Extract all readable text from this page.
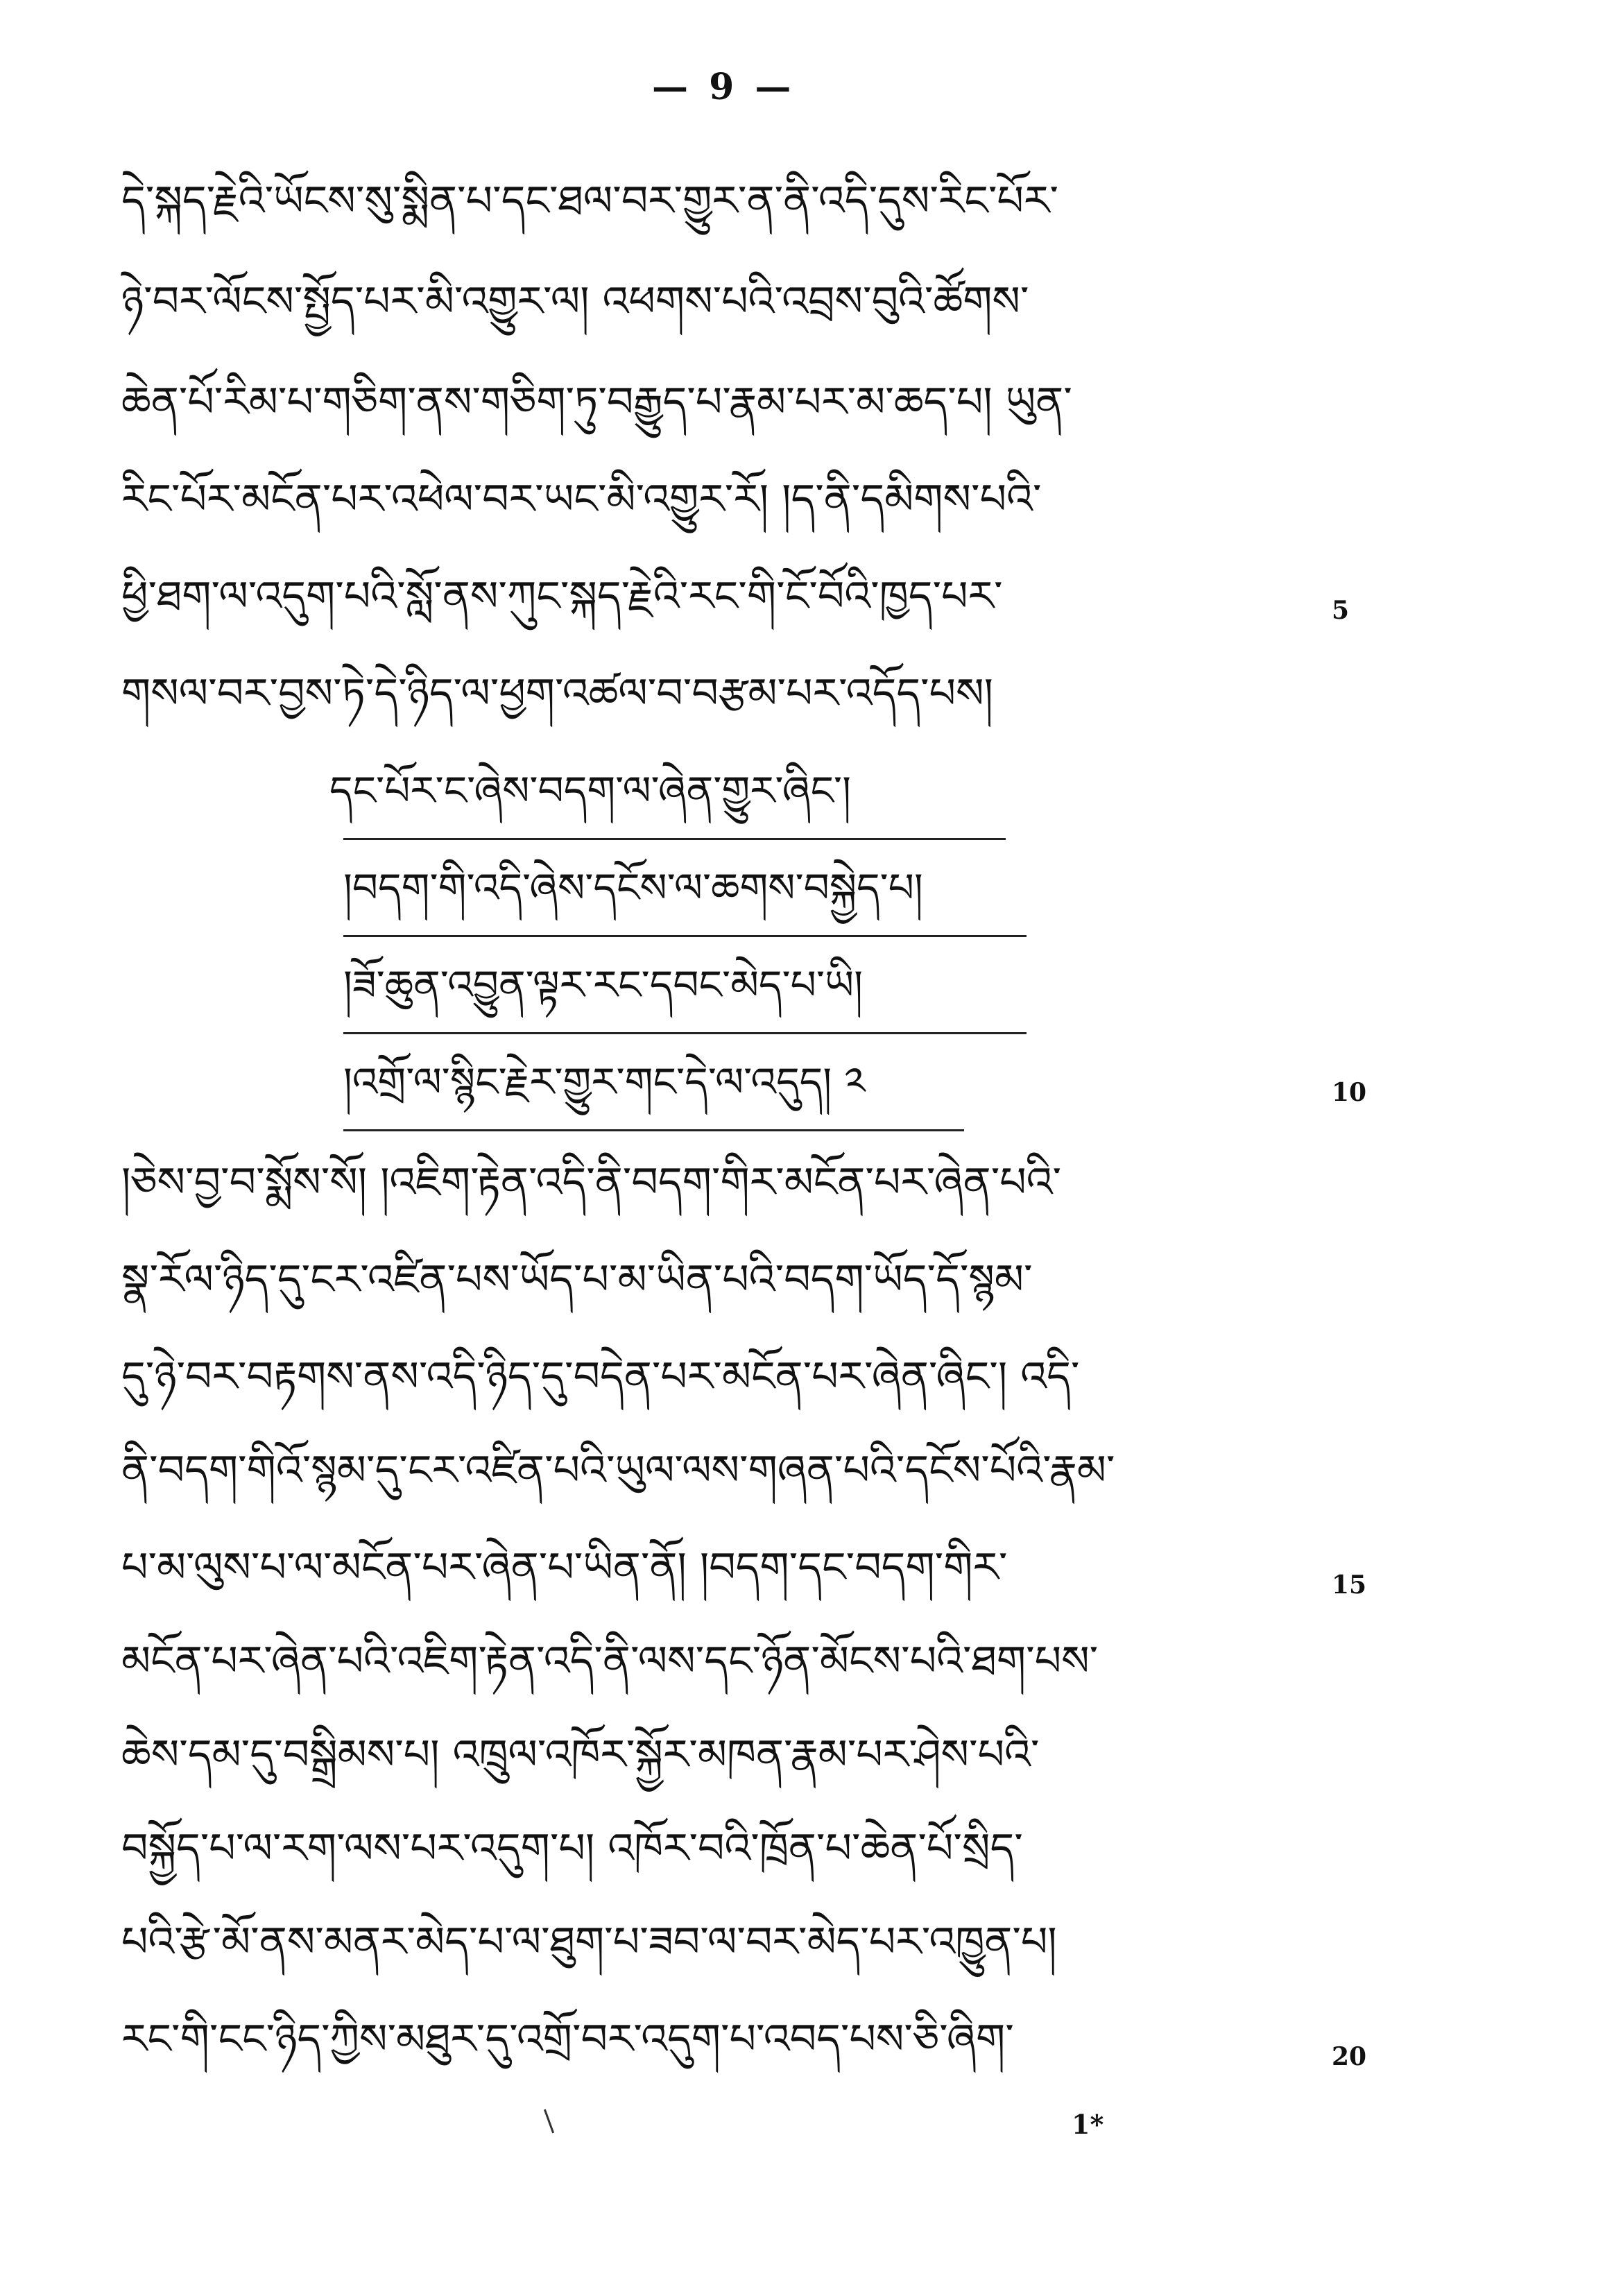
— 9 —
དེ་སྐད་རྗེའི་ཡོངས་སུ་སྨིན་པ་དང་ཐལ་བར་གྱུར་ན་ནི་འདི་དུས་རིང་པོར་
ཉེ་བར་ལོངས་སྤྱོད་པར་མི་འགྱུར་ལ། འཕགས་པའི་འབྲས་བུའི་ཚོགས་
ཆེན་པོ་རིམ་པ་གཅིག་ནས་གཅིག་ཏུ་བརྒྱུད་པ་རྣམ་པར་མ་ཆད་པ། ཡུན་
རིང་པོར་མངོན་པར་འཕེལ་བར་ཡང་མི་འགྱུར་རོ། །ད་ནི་དམིགས་པའི་
ཕྱི་ཐག་ལ་འདུག་པའི་སློ་ནས་ཀུང་སྐད་རྗེའི་རང་གི་ངོ་བོའི་ཁྱད་པར་
གསལ་བར་བྱས་ཏེ་དེ་ཉིད་ལ་ཕྱག་འཚལ་བ་བརྩམ་པར་འདོད་པས།
5
དང་པོར་ང་ཞེས་བདག་ལ་ཞེན་གྱུར་ཞིང་།
།བདག་གི་འདི་ཞེས་དངོས་ལ་ཆགས་བསྐྱེད་པ།
།ཟོ་ཆུན་འབྱུན་ལྟར་རང་དབང་མེད་པ་ཡི།
།འགྲོ་ལ་སྙིང་རྗེར་གྱུར་གང་དེ་ལ་འདུད། ༢	10
།ཅེས་བྱ་བ་སྨོས་སོ། །འཇིག་རྟེན་འདི་ནི་བདག་གིར་མངོན་པར་ཞེན་པའི་
སྣ་རོལ་ཉིད་དུ་ངར་འཛིན་པས་ཡོད་པ་མ་ཡིན་པའི་བདག་ཡོད་དོ་སྙམ་
དུ་ཉེ་བར་བརྟགས་ནས་འདི་ཉིད་དུ་བདེན་པར་མངོན་པར་ཞེན་ཞིང་། འདི་
ནི་བདག་གིའོ་སྙམ་དུ་ངར་འཛིན་པའི་ཡུལ་ལས་གཞན་པའི་དངོས་པོའི་རྣམ་
པ་མ་ལུས་པ་ལ་མངོན་པར་ཞེན་པ་ཡིན་ནོ། །བདག་དང་བདག་གིར་
མངོན་པར་ཞེན་པའི་འཇིག་རྟེན་འདི་ནི་ལས་དང་ཉོན་མོངས་པའི་ཐག་པས་
ཆེས་དམ་དུ་བསྒྲིམས་པ། འཁྲུལ་འཁོར་སྐྱོར་མཁན་རྣམ་པར་ཤེས་པའི་
བསྐྱོད་པ་ལ་རག་ལས་པར་འདུག་པ། འཁོར་བའི་ཁྲོན་པ་ཆེན་པོ་སྲིད་
པའི་རྩེ་མོ་ནས་མནར་མེད་པ་ལ་ཐུག་པ་ཟབ་ལ་བར་མེད་པར་འཁྱུན་པ།
རང་གི་ངང་ཉིད་ཀྱིས་མཐུར་དུ་འགྲོ་བར་འདུག་པ་འབད་པས་ཅི་ཞིག་
15
20
1*
